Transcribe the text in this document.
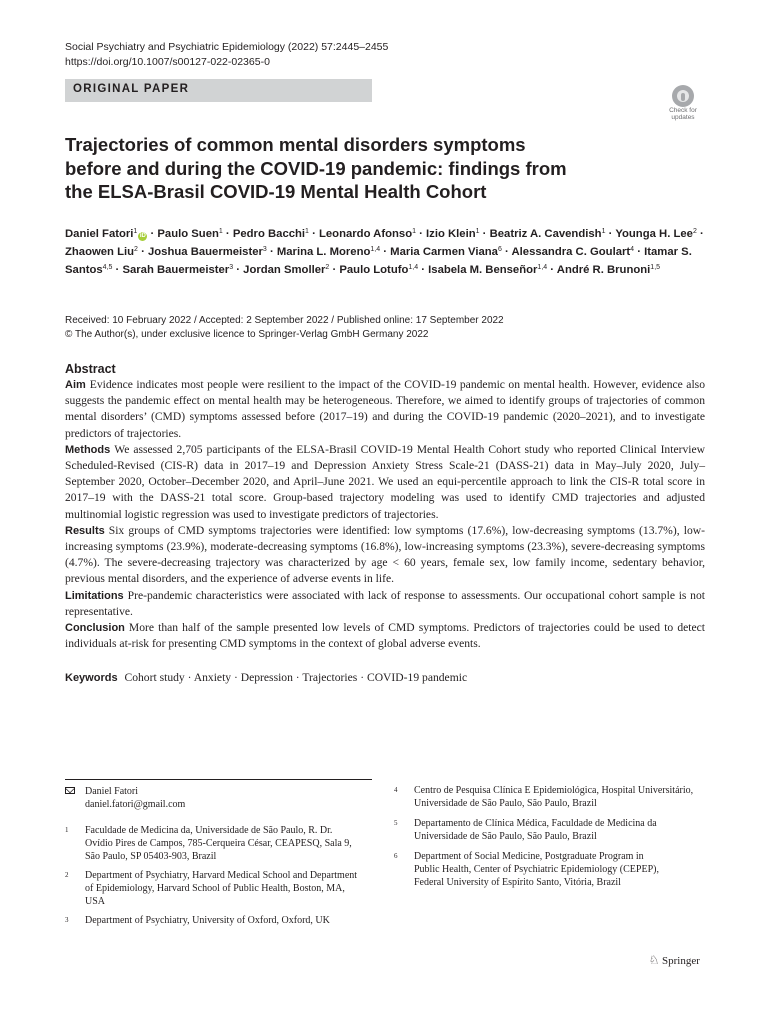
Social Psychiatry and Psychiatric Epidemiology (2022) 57:2445–2455
https://doi.org/10.1007/s00127-022-02365-0
ORIGINAL PAPER
Check for
updates
Trajectories of common mental disorders symptoms before and during the COVID-19 pandemic: findings from the ELSA-Brasil COVID-19 Mental Health Cohort
Daniel Fatori$^1$iD · Paulo Suen$^1$ · Pedro Bacchi$^1$ · Leonardo Afonso$^1$ · Izio Klein$^1$ · Beatriz A. Cavendish$^1$ · Younga H. Lee$^2$ · Zhaowen Liu$^2$ · Joshua Bauermeister$^3$ · Marina L. Moreno$^{1,4}$ · Maria Carmen Viana$^6$ · Alessandra C. Goulart$^4$ · Itamar S. Santos$^{4,5}$ · Sarah Bauermeister$^3$ · Jordan Smoller$^2$ · Paulo Lotufo$^{1,4}$ · Isabela M. Benseñor$^{1,4}$ · André R. Brunoni$^{1,5}$
Received: 10 February 2022 / Accepted: 2 September 2022 / Published online: 17 September 2022
© The Author(s), under exclusive licence to Springer-Verlag GmbH Germany 2022
Abstract

Aim Evidence indicates most people were resilient to the impact of the COVID-19 pandemic on mental health. However, evidence also suggests the pandemic effect on mental health may be heterogeneous. Therefore, we aimed to identify groups of trajectories of common mental disorders’ (CMD) symptoms assessed before (2017–19) and during the COVID-19 pandemic (2020–2021), and to investigate predictors of trajectories.

Methods We assessed 2,705 participants of the ELSA-Brasil COVID-19 Mental Health Cohort study who reported Clinical Interview Scheduled-Revised (CIS-R) data in 2017–19 and Depression Anxiety Stress Scale-21 (DASS-21) data in May–July 2020, July–September 2020, October–December 2020, and April–June 2021. We used an equi-percentile approach to link the CIS-R total score in 2017–19 with the DASS-21 total score. Group-based trajectory modeling was used to identify CMD trajectories and adjusted multinomial logistic regression was used to investigate predictors of trajectories.

Results Six groups of CMD symptoms trajectories were identified: low symptoms (17.6%), low-decreasing symptoms (13.7%), low-increasing symptoms (23.9%), moderate-decreasing symptoms (16.8%), low-increasing symptoms (23.3%), severe-decreasing symptoms (4.7%). The severe-decreasing trajectory was characterized by age < 60 years, female sex, low family income, sedentary behavior, previous mental disorders, and the experience of adverse events in life.

Limitations Pre-pandemic characteristics were associated with lack of response to assessments. Our occupational cohort sample is not representative.

Conclusion More than half of the sample presented low levels of CMD symptoms. Predictors of trajectories could be used to detect individuals at-risk for presenting CMD symptoms in the context of global adverse events.

Keywords Cohort study · Anxiety · Depression · Trajectories · COVID-19 pandemic
Daniel Fatori
daniel.fatori@gmail.com
1 Faculdade de Medicina da, Universidade de São Paulo, R. Dr. Ovídio Pires de Campos, 785-Cerqueira César, CEAPESQ, Sala 9, São Paulo, SP 05403-903, Brazil
2 Department of Psychiatry, Harvard Medical School and Department of Epidemiology, Harvard School of Public Health, Boston, MA, USA
3 Department of Psychiatry, University of Oxford, Oxford, UK
4 Centro de Pesquisa Clínica E Epidemiológica, Hospital Universitário, Universidade de São Paulo, São Paulo, Brazil
5 Departamento de Clínica Médica, Faculdade de Medicina da Universidade de São Paulo, São Paulo, Brazil
6 Department of Social Medicine, Postgraduate Program in Public Health, Center of Psychiatric Epidemiology (CEPEP), Federal University of Espírito Santo, Vitória, Brazil
♘ Springer
